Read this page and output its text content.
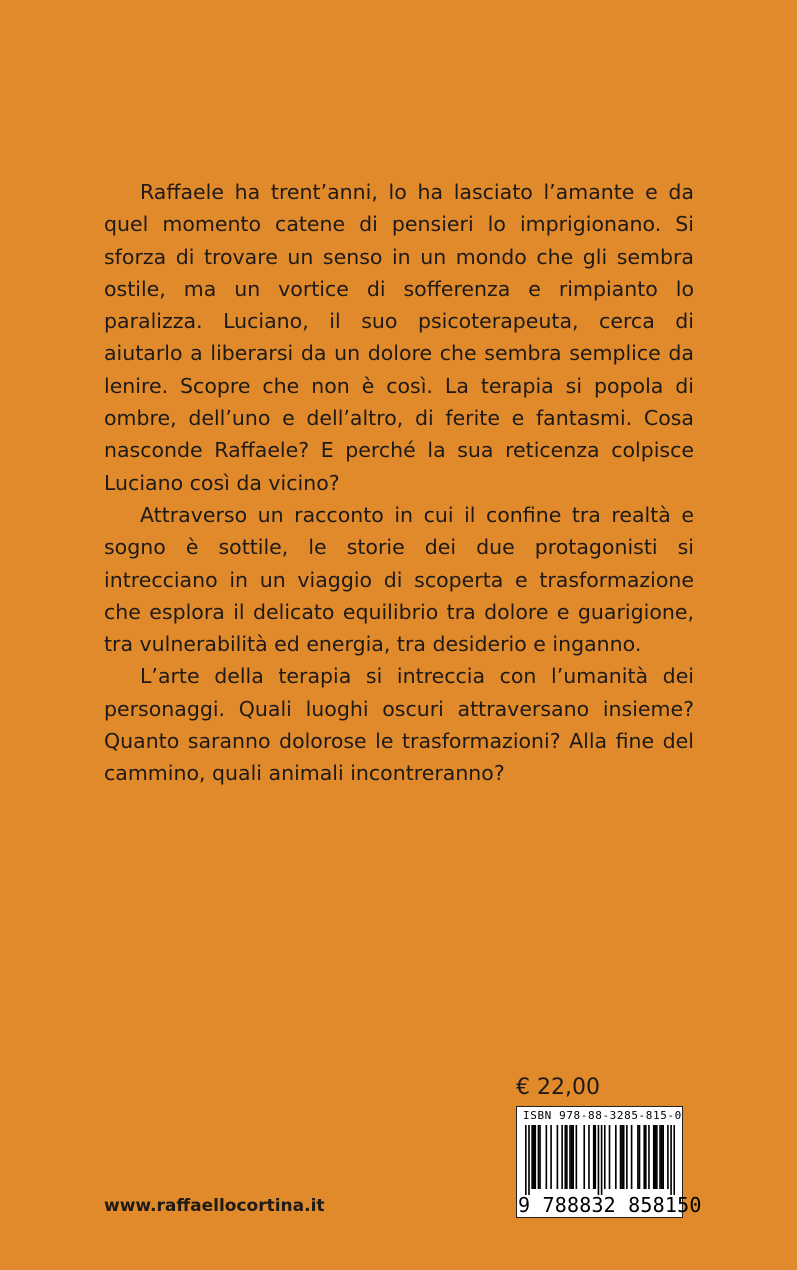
Raffaele ha trent’anni, lo ha lasciato l’amante e da quel momento catene di pensieri lo imprigionano. Si sforza di trovare un senso in un mondo che gli sembra ostile, ma un vortice di sofferenza e rimpianto lo paralizza. Luciano, il suo psicoterapeuta, cerca di aiutarlo a liberarsi da un dolore che sembra semplice da lenire. Scopre che non è così. La terapia si popola di ombre, dell’uno e dell’altro, di ferite e fantasmi. Cosa nasconde Raffaele? E perché la sua reticenza colpisce Luciano così da vicino?

Attraverso un racconto in cui il confine tra realtà e sogno è sottile, le storie dei due protagonisti si intrecciano in un viaggio di scoperta e trasformazione che esplora il delicato equilibrio tra dolore e guarigione, tra vulnerabilità ed energia, tra desiderio e inganno.

L’arte della terapia si intreccia con l’umanità dei personaggi. Quali luoghi oscuri attraversano insieme? Quanto saranno dolorose le trasformazioni? Alla fine del cammino, quali animali incontreranno?

€ 22,00
ISBN 978-88-3285-815-0
9 788832 858150
www.raffaellocortina.it
